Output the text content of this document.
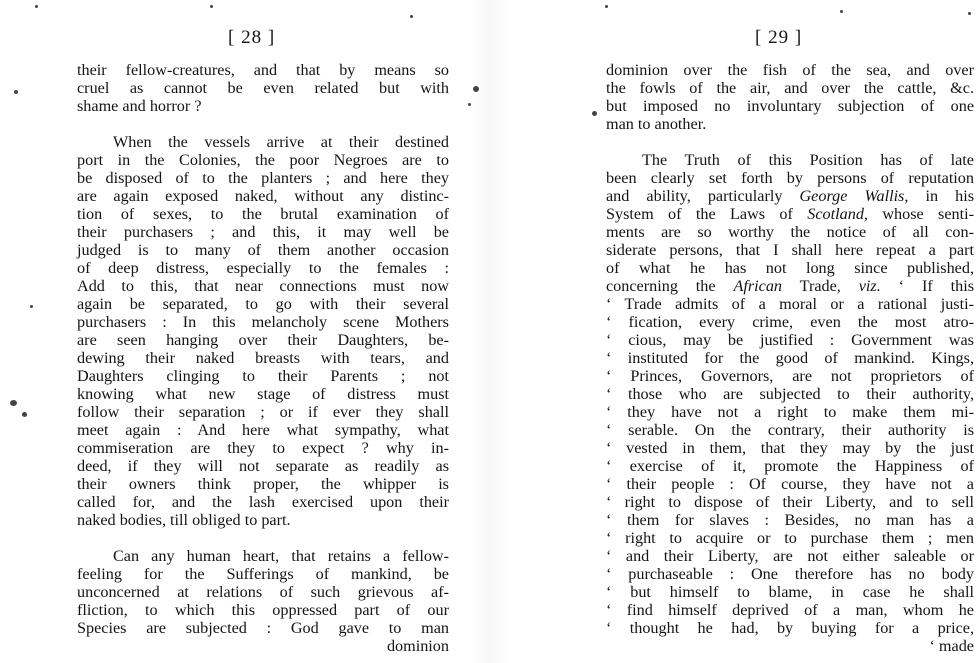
[ 28 ]
their fellow-creatures, and that by means so
cruel as cannot be even related but with
shame and horror ?
When the vessels arrive at their destined
port in the Colonies, the poor Negroes are to
be disposed of to the planters ; and here they
are again exposed naked, without any distinc-
tion of sexes, to the brutal examination of
their purchasers ; and this, it may well be
judged is to many of them another occasion
of deep distress, especially to the females :
Add to this, that near connections must now
again be separated, to go with their several
purchasers : In this melancholy scene Mothers
are seen hanging over their Daughters, be-
dewing their naked breasts with tears, and
Daughters clinging to their Parents ; not
knowing what new stage of distress must
follow their separation ; or if ever they shall
meet again : And here what sympathy, what
commiseration are they to expect ? why in-
deed, if they will not separate as readily as
their owners think proper, the whipper is
called for, and the lash exercised upon their
naked bodies, till obliged to part.
Can any human heart, that retains a fellow-
feeling for the Sufferings of mankind, be
unconcerned at relations of such grievous af-
fliction, to which this oppressed part of our
Species are subjected : God gave to man
dominion
[ 29 ]
dominion over the fish of the sea, and over
the fowls of the air, and over the cattle, &c.
but imposed no involuntary subjection of one
man to another.
The Truth of this Position has of late
been clearly set forth by persons of reputation
and ability, particularly George Wallis, in his
System of the Laws of Scotland, whose senti-
ments are so worthy the notice of all con-
siderate persons, that I shall here repeat a part
of what he has not long since published,
concerning the African Trade, viz. ‘ If this
‘ Trade admits of a moral or a rational justi-
‘ fication, every crime, even the most atro-
‘ cious, may be justified : Government was
‘ instituted for the good of mankind. Kings,
‘ Princes, Governors, are not proprietors of
‘ those who are subjected to their authority,
‘ they have not a right to make them mi-
‘ serable. On the contrary, their authority is
‘ vested in them, that they may by the just
‘ exercise of it, promote the Happiness of
‘ their people : Of course, they have not a
‘ right to dispose of their Liberty, and to sell
‘ them for slaves : Besides, no man has a
‘ right to acquire or to purchase them ; men
‘ and their Liberty, are not either saleable or
‘ purchaseable : One therefore has no body
‘ but himself to blame, in case he shall
‘ find himself deprived of a man, whom he
‘ thought he had, by buying for a price,
‘ made
